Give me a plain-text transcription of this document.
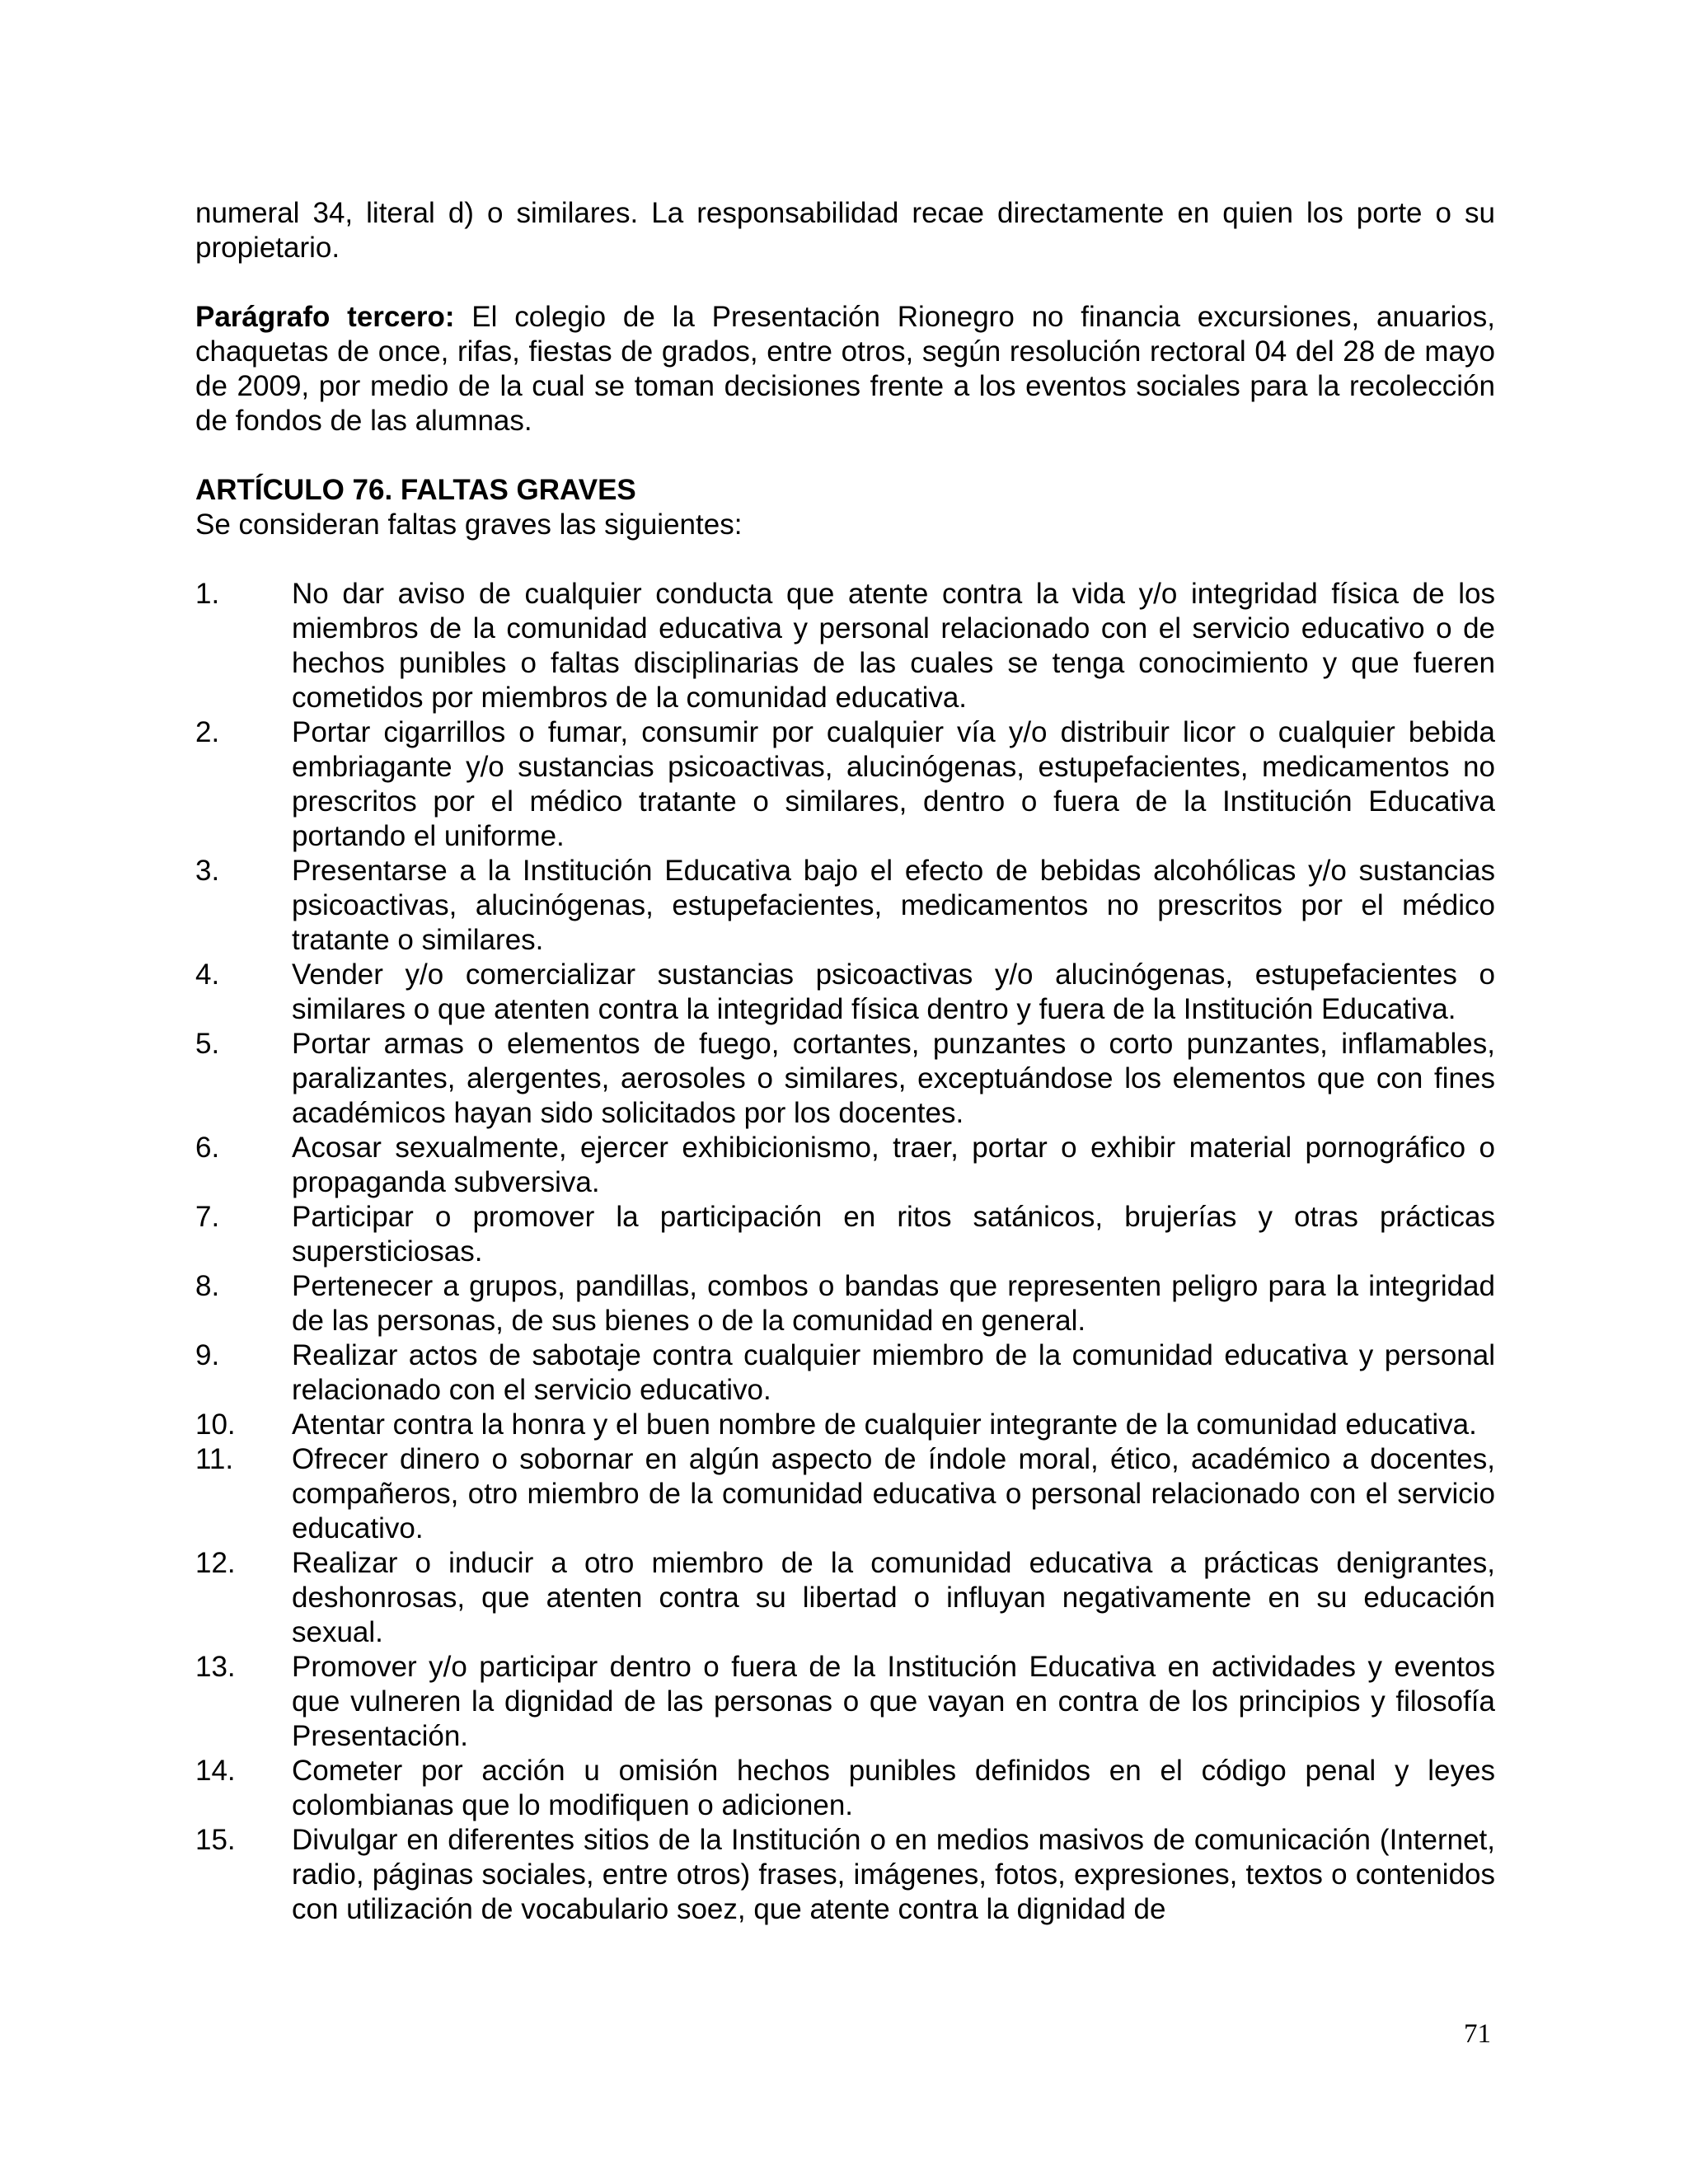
numeral 34, literal d) o similares. La responsabilidad recae directamente en quien los porte o su propietario.

Parágrafo tercero: El colegio de la Presentación Rionegro no financia excursiones, anuarios, chaquetas de once, rifas, fiestas de grados, entre otros, según resolución rectoral 04 del 28 de mayo de 2009, por medio de la cual se toman decisiones frente a los eventos sociales para la recolección de fondos de las alumnas.

ARTÍCULO 76. FALTAS GRAVES

Se consideran faltas graves las siguientes:

1.	No dar aviso de cualquier conducta que atente contra la vida y/o integridad física de los miembros de la comunidad educativa y personal relacionado con el servicio educativo o de hechos punibles o faltas disciplinarias de las cuales se tenga conocimiento y que fueren cometidos por miembros de la comunidad educativa.
2.	Portar cigarrillos o fumar, consumir por cualquier vía y/o distribuir licor o cualquier bebida embriagante y/o sustancias psicoactivas, alucinógenas, estupefacientes, medicamentos no prescritos por el médico tratante o similares, dentro o fuera de la Institución Educativa portando el uniforme.
3.	Presentarse a la Institución Educativa bajo el efecto de bebidas alcohólicas y/o sustancias psicoactivas, alucinógenas, estupefacientes, medicamentos no prescritos por el médico tratante o similares.
4.	Vender y/o comercializar sustancias psicoactivas y/o alucinógenas, estupefacientes o similares o que atenten contra la integridad física dentro y fuera de la Institución Educativa.
5.	Portar armas o elementos de fuego, cortantes, punzantes o corto punzantes, inflamables, paralizantes, alergentes, aerosoles o similares, exceptuándose los elementos que con fines académicos hayan sido solicitados por los docentes.
6.	Acosar sexualmente, ejercer exhibicionismo, traer, portar o exhibir material pornográfico o propaganda subversiva.
7.	Participar o promover la participación en ritos satánicos, brujerías y otras prácticas supersticiosas.
8.	Pertenecer a grupos, pandillas, combos o bandas que representen peligro para la integridad de las personas, de sus bienes o de la comunidad en general.
9.	Realizar actos de sabotaje contra cualquier miembro de la comunidad educativa y personal relacionado con el servicio educativo.
10.	Atentar contra la honra y el buen nombre de cualquier integrante de la comunidad educativa.
11.	Ofrecer dinero o sobornar en algún aspecto de índole moral, ético, académico a docentes, compañeros, otro miembro de la comunidad educativa o personal relacionado con el servicio educativo.
12.	Realizar o inducir a otro miembro de la comunidad educativa a prácticas denigrantes, deshonrosas, que atenten contra su libertad o influyan negativamente en su educación sexual.
13.	Promover y/o participar dentro o fuera de la Institución Educativa en actividades y eventos que vulneren la dignidad de las personas o que vayan en contra de los principios y filosofía Presentación.
14.	Cometer por acción u omisión hechos punibles definidos en el código penal y leyes colombianas que lo modifiquen o adicionen.
15.	Divulgar en diferentes sitios de la Institución o en medios masivos de comunicación (Internet, radio, páginas sociales, entre otros) frases, imágenes, fotos, expresiones, textos o contenidos con utilización de vocabulario soez, que atente contra la dignidad de
71
